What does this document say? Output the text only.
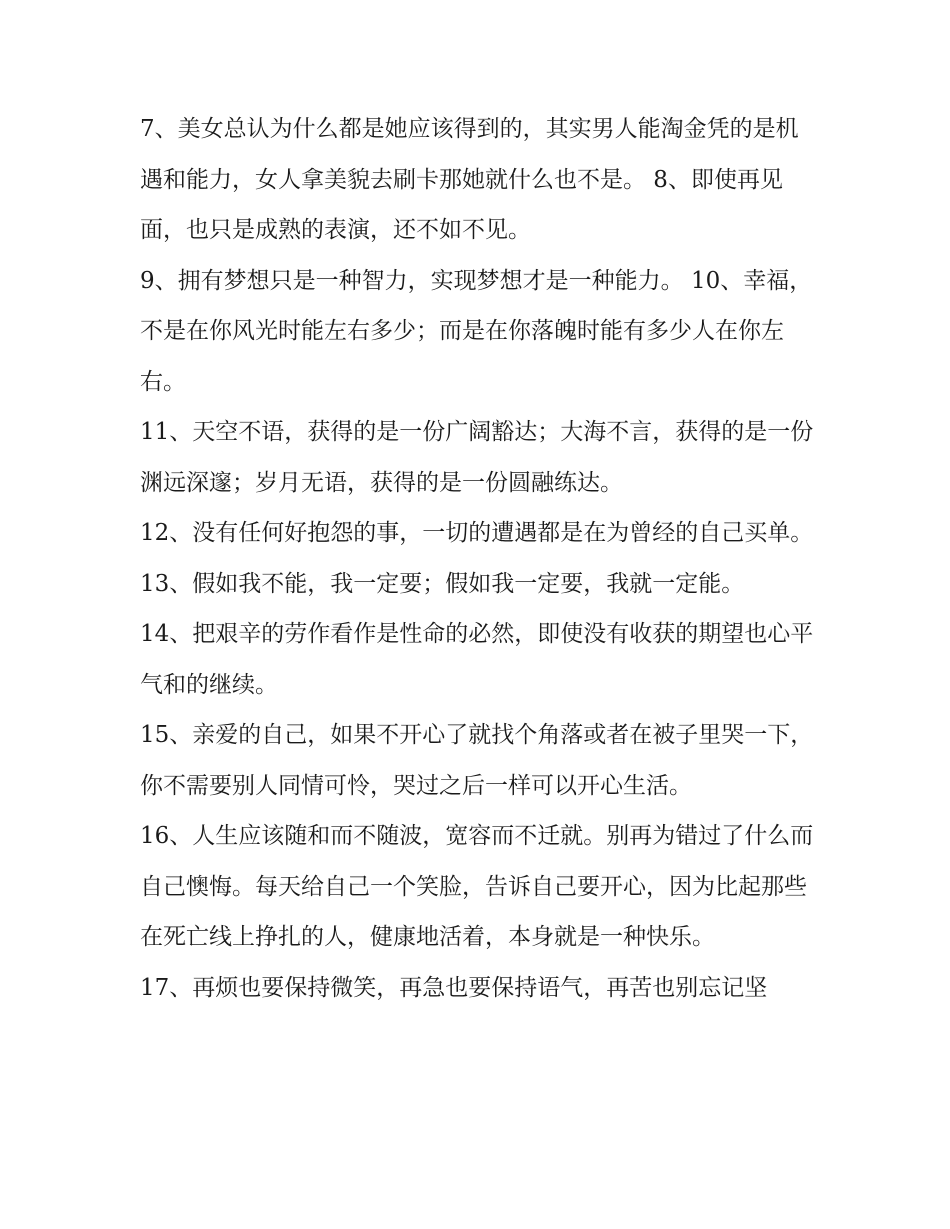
7、美女总认为什么都是她应该得到的，其实男人能淘金凭的是机遇和能力，女人拿美貌去刷卡那她就什么也不是。 8、即使再见面，也只是成熟的表演，还不如不见。

9、拥有梦想只是一种智力，实现梦想才是一种能力。 10、幸福，不是在你风光时能左右多少；而是在你落魄时能有多少人在你左右。

11、天空不语，获得的是一份广阔豁达；大海不言，获得的是一份渊远深邃；岁月无语，获得的是一份圆融练达。

12、没有任何好抱怨的事，一切的遭遇都是在为曾经的自己买单。 13、假如我不能，我一定要；假如我一定要，我就一定能。

14、把艰辛的劳作看作是性命的必然，即使没有收获的期望也心平气和的继续。

15、亲爱的自己，如果不开心了就找个角落或者在被子里哭一下，你不需要别人同情可怜，哭过之后一样可以开心生活。

16、人生应该随和而不随波，宽容而不迁就。别再为错过了什么而自己懊悔。每天给自己一个笑脸，告诉自己要开心，因为比起那些在死亡线上挣扎的人，健康地活着，本身就是一种快乐。

17、再烦也要保持微笑，再急也要保持语气，再苦也别忘记坚
